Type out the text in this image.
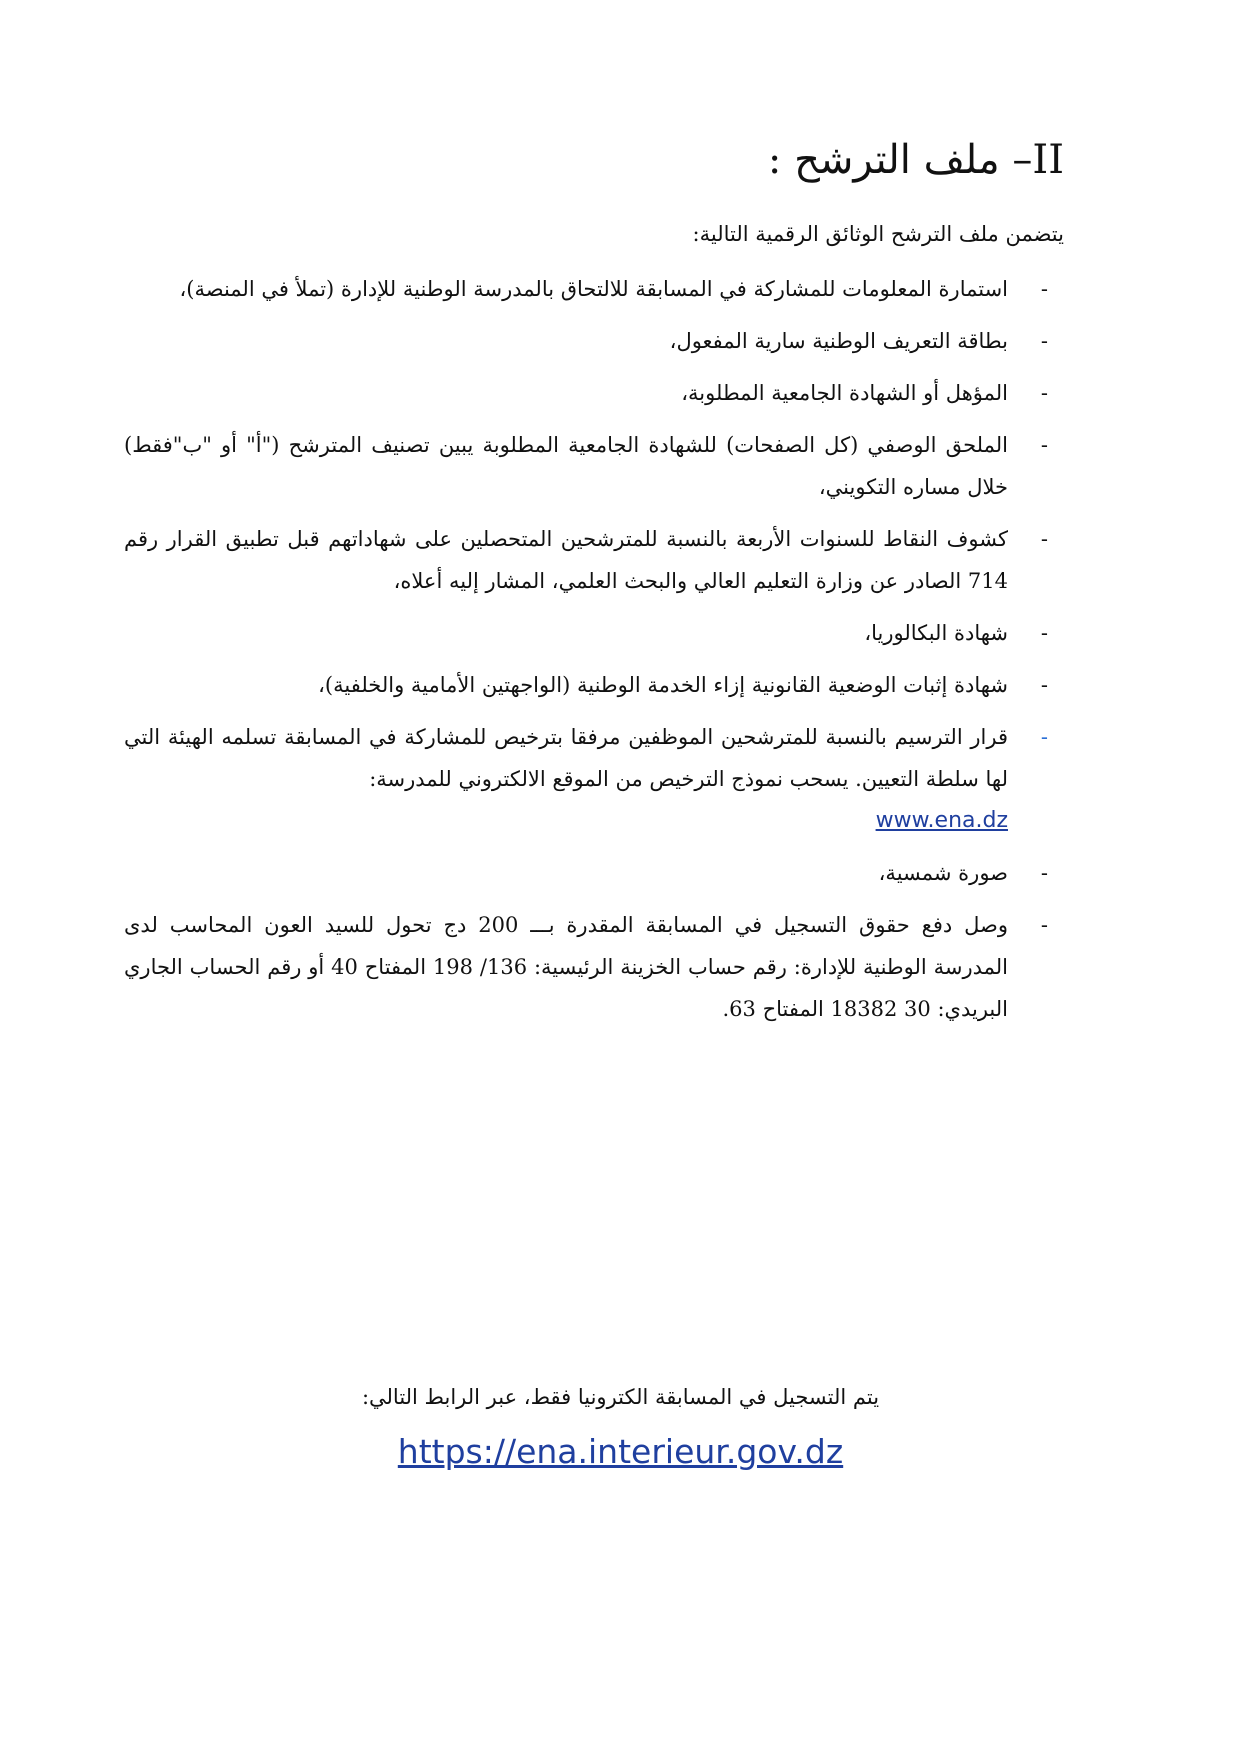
II– ملف الترشح :
يتضمن ملف الترشح الوثائق الرقمية التالية:
-
استمارة المعلومات للمشاركة في المسابقة للالتحاق بالمدرسة الوطنية للإدارة (تملأ في المنصة)،
-
بطاقة التعريف الوطنية سارية المفعول،
-
المؤهل أو الشهادة الجامعية المطلوبة،
-
الملحق الوصفي (كل الصفحات) للشهادة الجامعية المطلوبة يبين تصنيف المترشح ("أ" أو "ب"فقط) خلال مساره التكويني،
-
كشوف النقاط للسنوات الأربعة بالنسبة للمترشحين المتحصلين على شهاداتهم قبل تطبيق القرار رقم 714 الصادر عن وزارة التعليم العالي والبحث العلمي، المشار إليه أعلاه،
-
شهادة البكالوريا،
-
شهادة إثبات الوضعية القانونية إزاء الخدمة الوطنية (الواجهتين الأمامية والخلفية)،
-
قرار الترسيم بالنسبة للمترشحين الموظفين مرفقا بترخيص للمشاركة في المسابقة تسلمه الهيئة التي لها سلطة التعيين. يسحب نموذج الترخيص من الموقع الالكتروني للمدرسة:
www.ena.dz
-
صورة شمسية،
-
وصل دفع حقوق التسجيل في المسابقة المقدرة بـــ 200 دج تحول للسيد العون المحاسب لدى المدرسة الوطنية للإدارة: رقم حساب الخزينة الرئيسية: 136/ 198 المفتاح 40 أو رقم الحساب الجاري البريدي: 30 18382 المفتاح 63.
يتم التسجيل في المسابقة الكترونيا فقط، عبر الرابط التالي:
https://ena.interieur.gov.dz
